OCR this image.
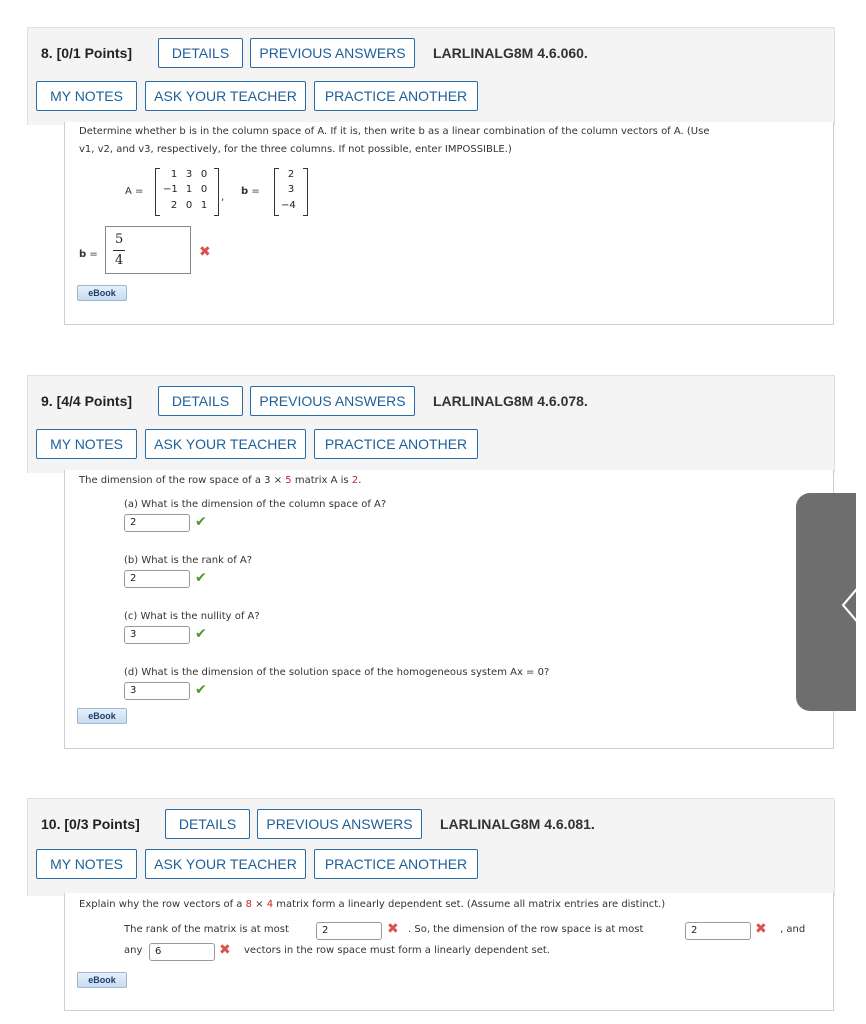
8. [0/1 Points]	DETAILS	PREVIOUS ANSWERS	LARLINALG8M 4.6.060.
MY NOTES	ASK YOUR TEACHER	PRACTICE ANOTHER
Determine whether b is in the column space of A. If it is, then write b as a linear combination of the column vectors of A. (Use
v1, v2, and v3, respectively, for the three columns. If not possible, enter IMPOSSIBLE.)
A =
1 3 0
−1 1 0
2 0 1
,
b =
2
3
−4
b =
5
4
✖
eBook
9. [4/4 Points]	DETAILS	PREVIOUS ANSWERS	LARLINALG8M 4.6.078.
MY NOTES	ASK YOUR TEACHER	PRACTICE ANOTHER
The dimension of the row space of a 3 × 5 matrix A is 2.
(a) What is the dimension of the column space of A?
2	✔
(b) What is the rank of A?
2	✔
(c) What is the nullity of A?
3	✔
(d) What is the dimension of the solution space of the homogeneous system Ax = 0?
3	✔
eBook
10. [0/3 Points]	DETAILS	PREVIOUS ANSWERS	LARLINALG8M 4.6.081.
MY NOTES	ASK YOUR TEACHER	PRACTICE ANOTHER
Explain why the row vectors of a 8 × 4 matrix form a linearly dependent set. (Assume all matrix entries are distinct.)
The rank of the matrix is at most	2	✖ . So, the dimension of the row space is at most	2	✖ , and
any	6	✖ vectors in the row space must form a linearly dependent set.
eBook
〈
